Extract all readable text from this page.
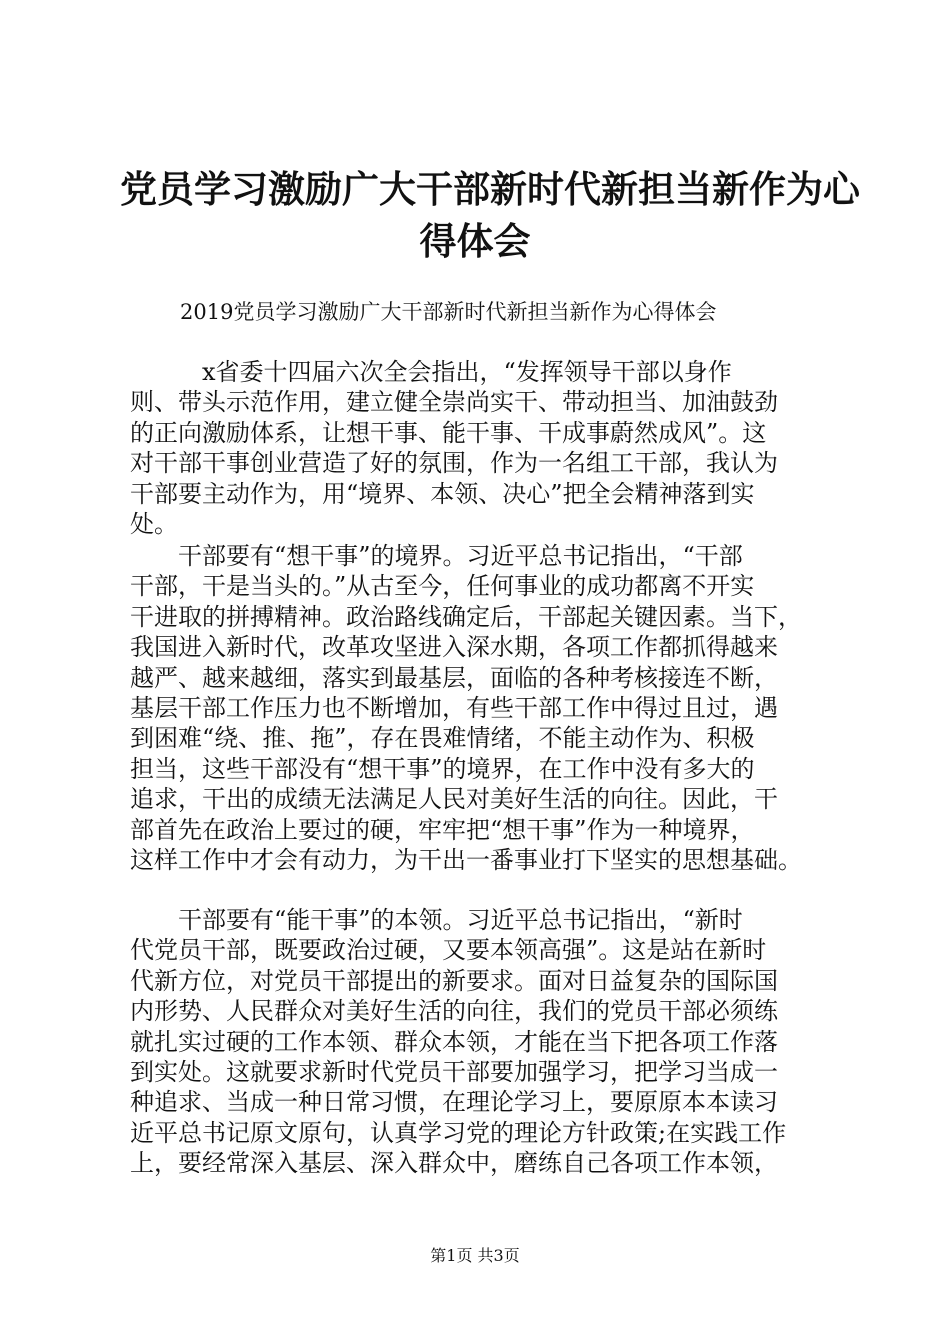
党员学习激励广大干部新时代新担当新作为心
得体会

2019党员学习激励广大干部新时代新担当新作为心得体会

　　　x省委十四届六次全会指出，“发挥领导干部以身作
则、带头示范作用，建立健全崇尚实干、带动担当、加油鼓劲
的正向激励体系，让想干事、能干事、干成事蔚然成风”。这
对干部干事创业营造了好的氛围，作为一名组工干部，我认为
干部要主动作为，用“境界、本领、决心”把全会精神落到实
处。
　　干部要有“想干事”的境界。习近平总书记指出，“干部
干部，干是当头的。”从古至今，任何事业的成功都离不开实
干进取的拼搏精神。政治路线确定后，干部起关键因素。当下，
我国进入新时代，改革攻坚进入深水期，各项工作都抓得越来
越严、越来越细，落实到最基层，面临的各种考核接连不断，
基层干部工作压力也不断增加，有些干部工作中得过且过，遇
到困难“绕、推、拖”，存在畏难情绪，不能主动作为、积极
担当，这些干部没有“想干事”的境界，在工作中没有多大的
追求，干出的成绩无法满足人民对美好生活的向往。因此，干
部首先在政治上要过的硬，牢牢把“想干事”作为一种境界，
这样工作中才会有动力，为干出一番事业打下坚实的思想基础。
　　干部要有“能干事”的本领。习近平总书记指出，“新时
代党员干部，既要政治过硬，又要本领高强”。这是站在新时
代新方位，对党员干部提出的新要求。面对日益复杂的国际国
内形势、人民群众对美好生活的向往，我们的党员干部必须练
就扎实过硬的工作本领、群众本领，才能在当下把各项工作落
到实处。这就要求新时代党员干部要加强学习，把学习当成一
种追求、当成一种日常习惯，在理论学习上，要原原本本读习
近平总书记原文原句，认真学习党的理论方针政策;在实践工作
上，要经常深入基层、深入群众中，磨练自己各项工作本领，

第1页 共3页
